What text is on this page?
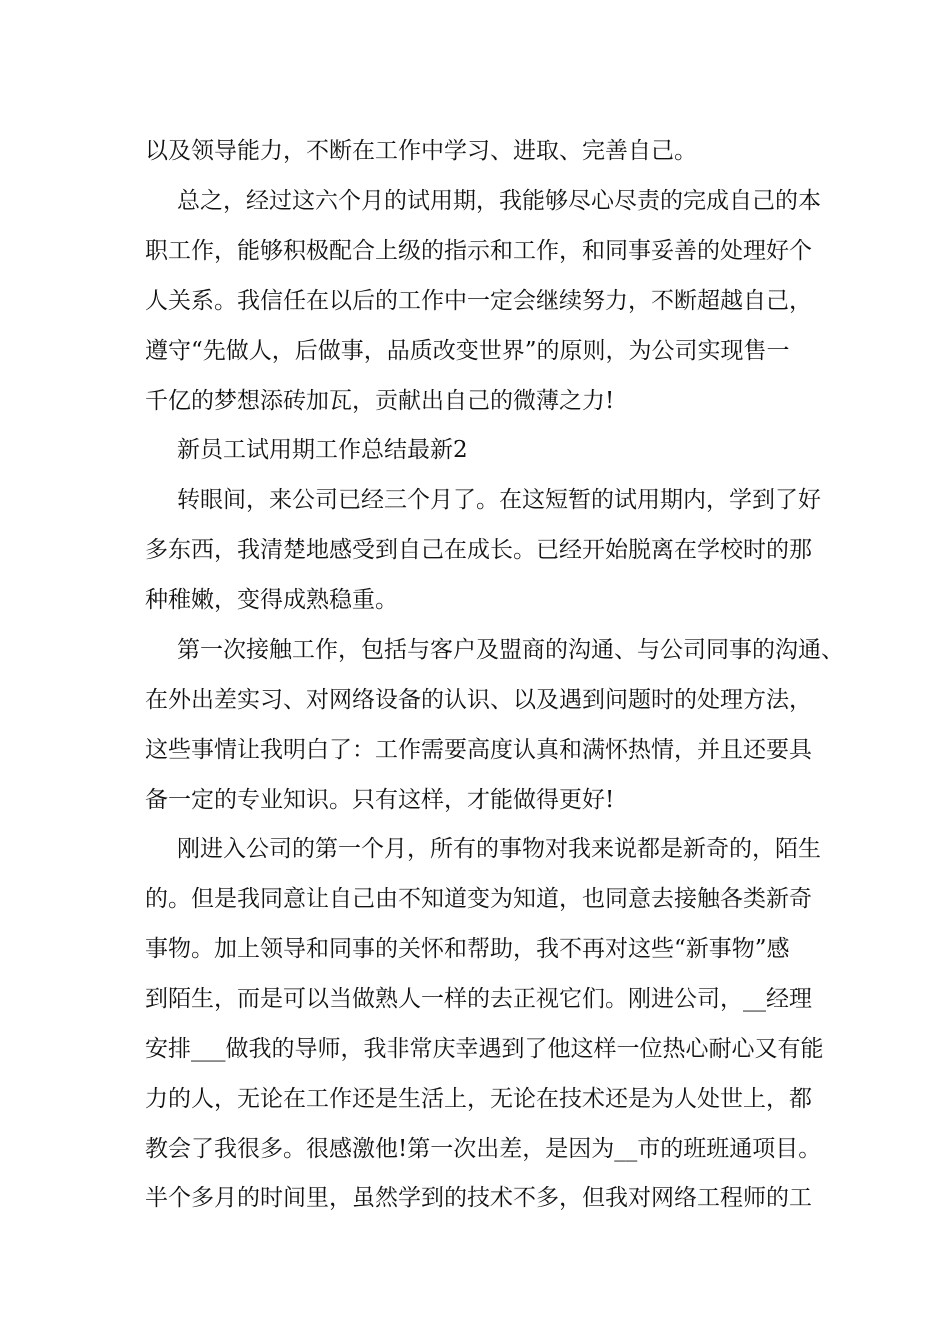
以及领导能力，不断在工作中学习、进取、完善自己。
总之，经过这六个月的试用期，我能够尽心尽责的完成自己的本
职工作，能够积极配合上级的指示和工作，和同事妥善的处理好个
人关系。我信任在以后的工作中一定会继续努力，不断超越自己，
遵守“先做人，后做事，品质改变世界”的原则，为公司实现售一
千亿的梦想添砖加瓦，贡献出自己的微薄之力!
新员工试用期工作总结最新2
转眼间，来公司已经三个月了。在这短暂的试用期内，学到了好
多东西，我清楚地感受到自己在成长。已经开始脱离在学校时的那
种稚嫩，变得成熟稳重。
第一次接触工作，包括与客户及盟商的沟通、与公司同事的沟通、
在外出差实习、对网络设备的认识、以及遇到问题时的处理方法，
这些事情让我明白了：工作需要高度认真和满怀热情，并且还要具
备一定的专业知识。只有这样，才能做得更好!
刚进入公司的第一个月，所有的事物对我来说都是新奇的，陌生
的。但是我同意让自己由不知道变为知道，也同意去接触各类新奇
事物。加上领导和同事的关怀和帮助，我不再对这些“新事物”感
到陌生，而是可以当做熟人一样的去正视它们。刚进公司，__经理
安排___做我的导师，我非常庆幸遇到了他这样一位热心耐心又有能
力的人，无论在工作还是生活上，无论在技术还是为人处世上，都
教会了我很多。很感激他!第一次出差，是因为__市的班班通项目。
半个多月的时间里，虽然学到的技术不多，但我对网络工程师的工
